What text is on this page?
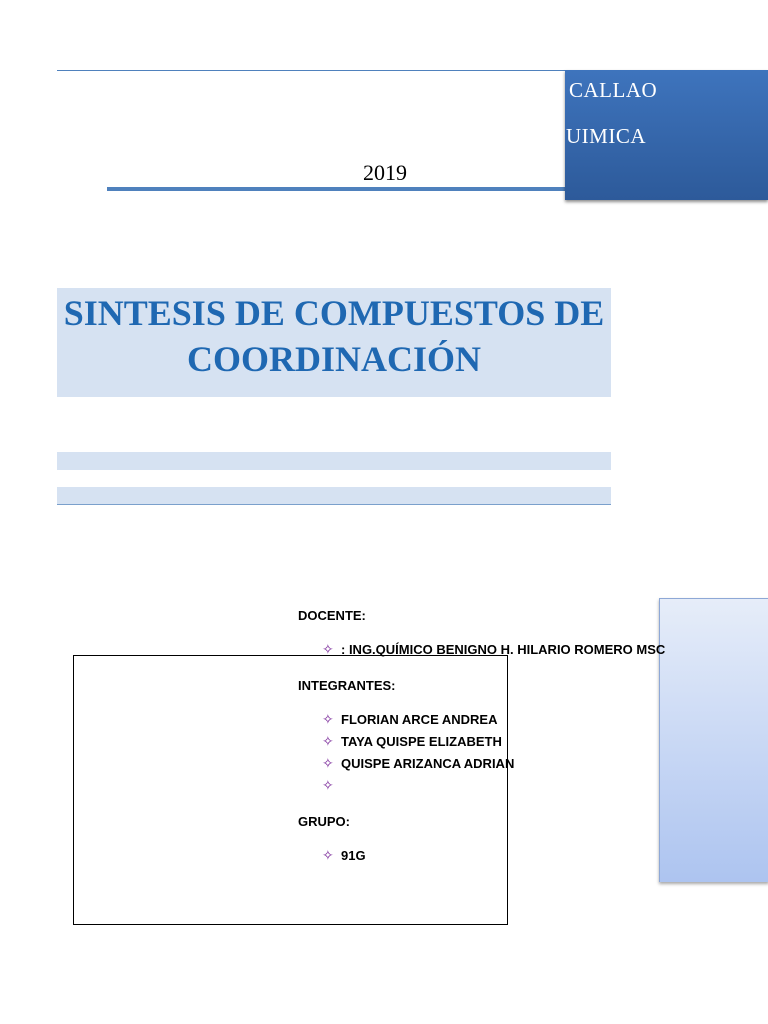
2019
CALLAO
UIMICA
SINTESIS DE COMPUESTOS DE
COORDINACIÓN
DOCENTE:
✧ : ING.QUÍMICO BENIGNO H. HILARIO ROMERO MSC
INTEGRANTES:
✧ FLORIAN ARCE ANDREA
✧ TAYA QUISPE ELIZABETH
✧ QUISPE ARIZANCA ADRIAN
✧
GRUPO:
✧ 91G
